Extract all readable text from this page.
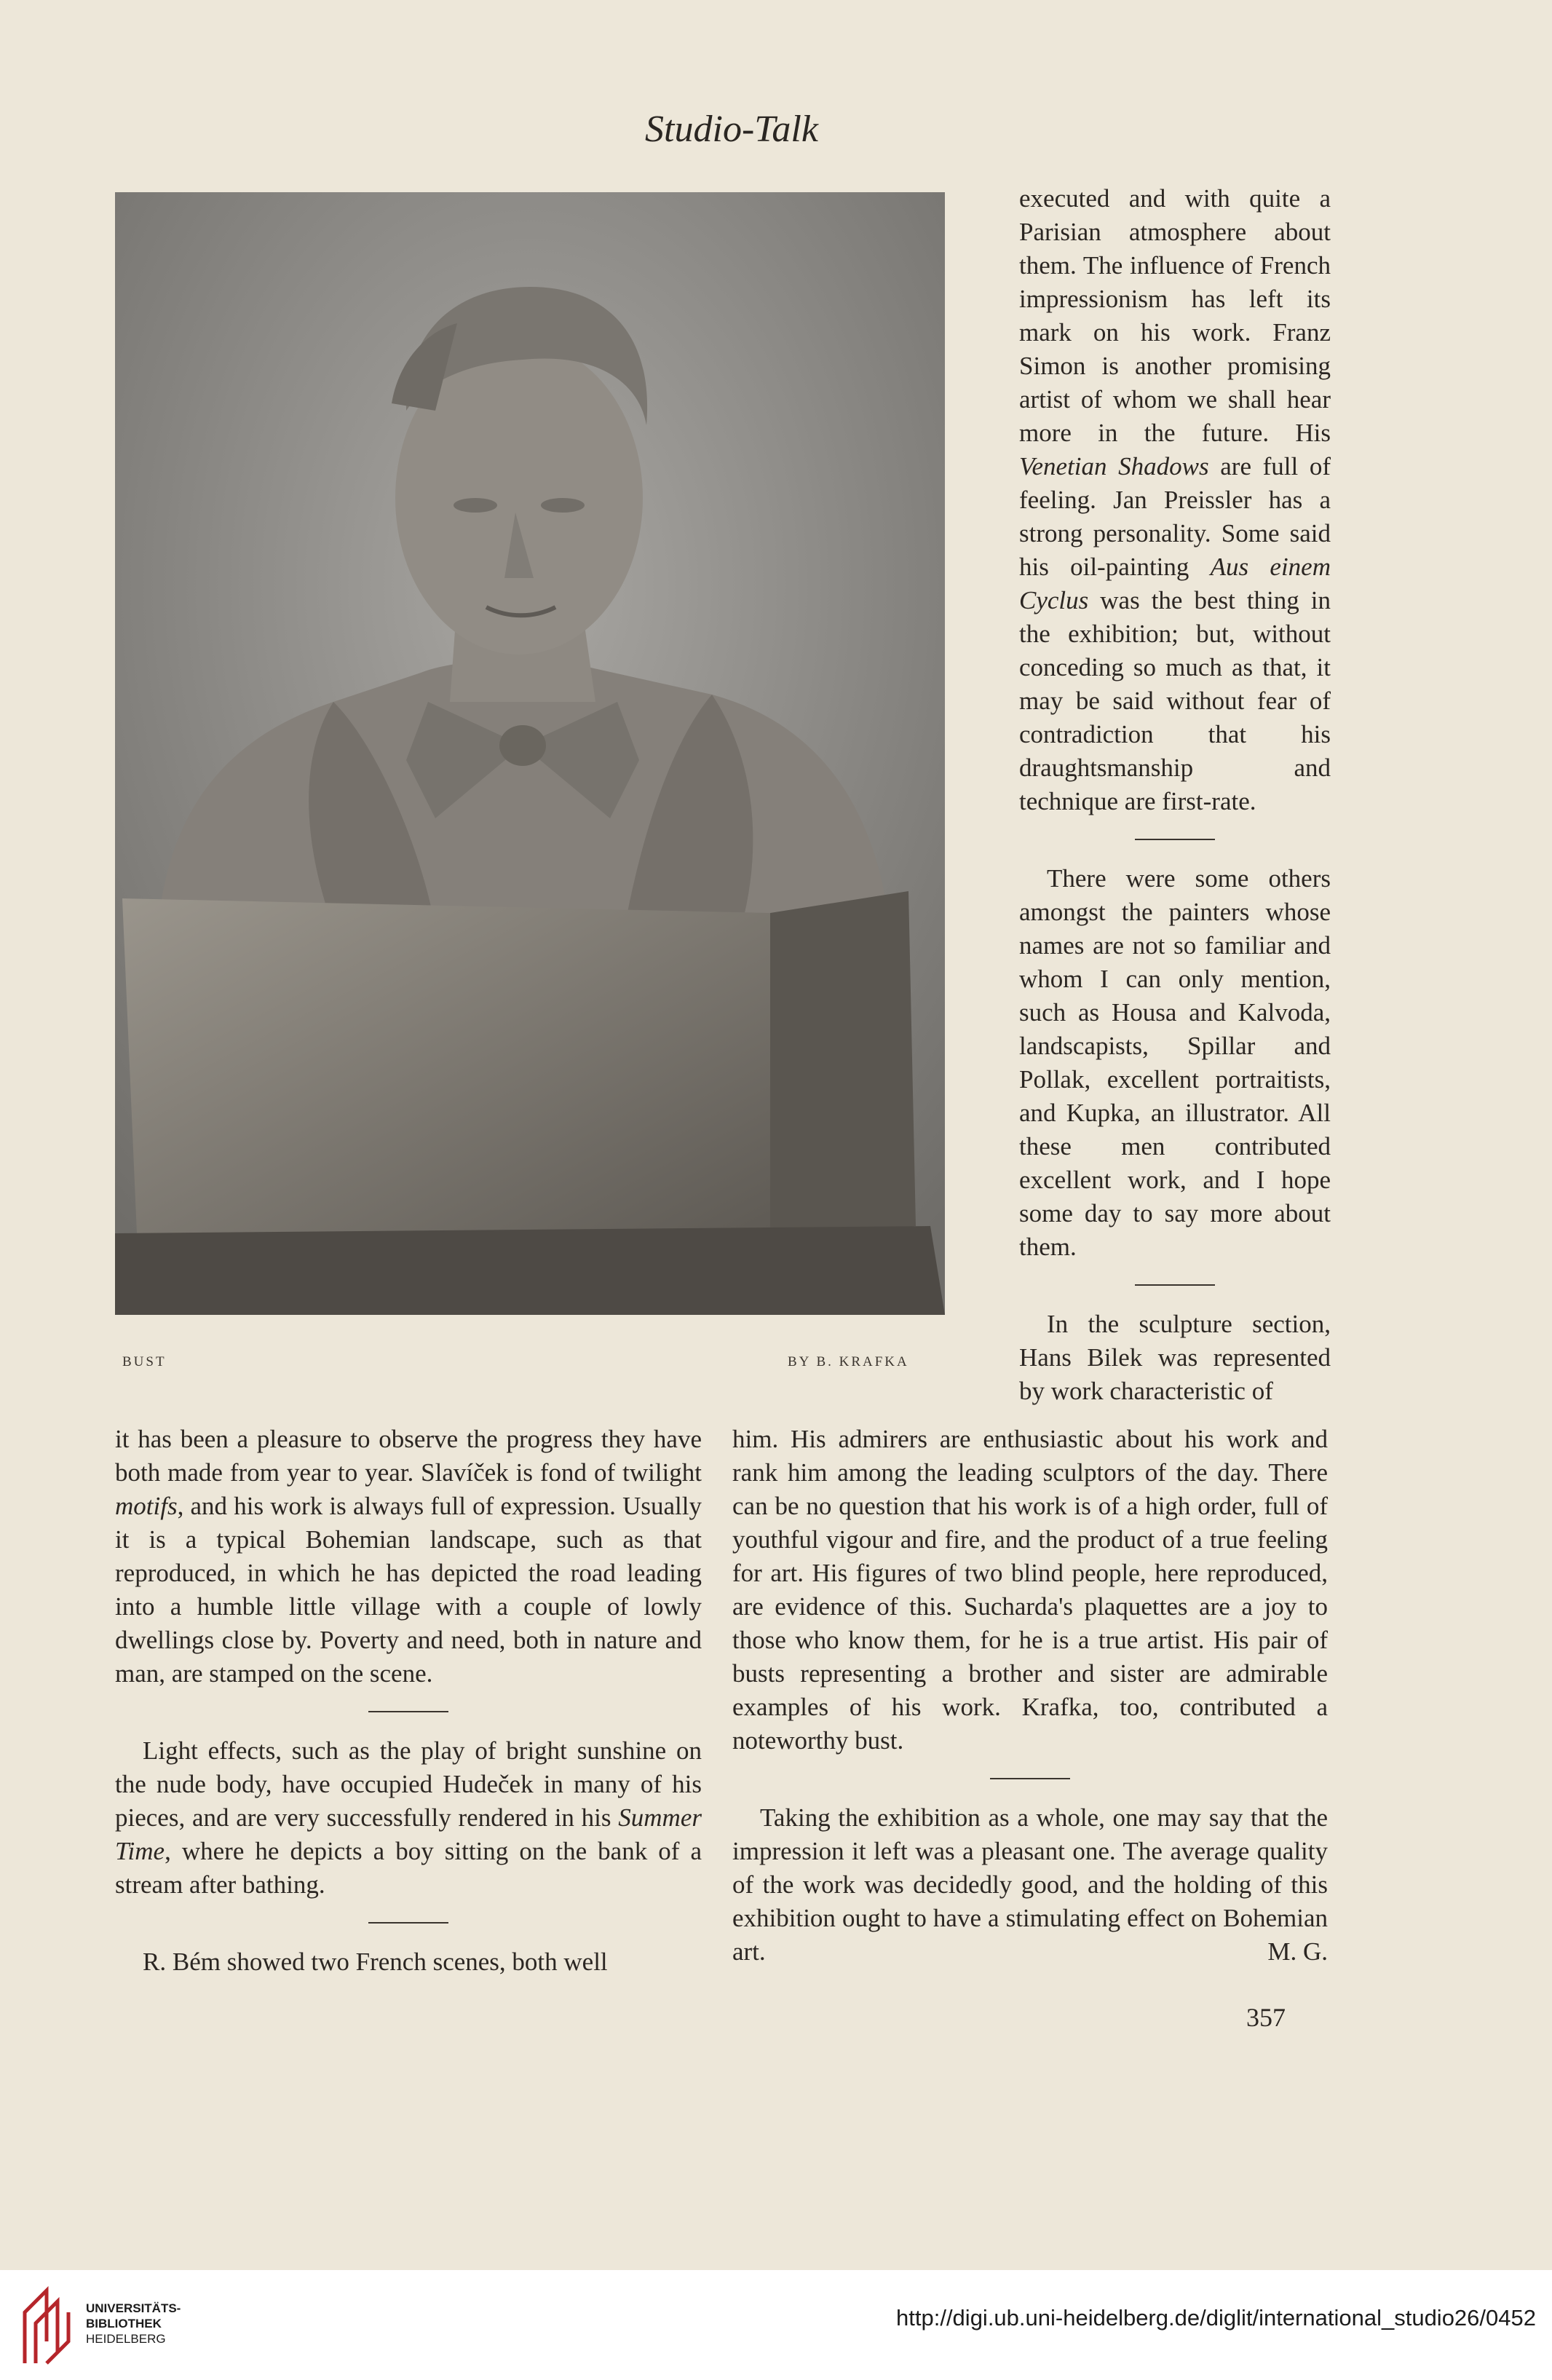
Studio-Talk
BUST	BY B. KRAFKA

executed and with quite a Parisian atmosphere about them. The influence of French impressionism has left its mark on his work. Franz Simon is another promising artist of whom we shall hear more in the future. His Venetian Shadows are full of feeling. Jan Preissler has a strong personality. Some said his oil-painting Aus einem Cyclus was the best thing in the exhibition; but, without conceding so much as that, it may be said without fear of contradiction that his draughtsmanship and technique are first-rate.

There were some others amongst the painters whose names are not so familiar and whom I can only mention, such as Housa and Kalvoda, landscapists, Spillar and Pollak, excellent portraitists, and Kupka, an illustrator. All these men contributed excellent work, and I hope some day to say more about them.

In the sculpture section, Hans Bilek was represented by work characteristic of

it has been a pleasure to observe the progress they have both made from year to year. Slavíček is fond of twilight motifs, and his work is always full of expression. Usually it is a typical Bohemian landscape, such as that reproduced, in which he has depicted the road leading into a humble little village with a couple of lowly dwellings close by. Poverty and need, both in nature and man, are stamped on the scene.

Light effects, such as the play of bright sunshine on the nude body, have occupied Hudeček in many of his pieces, and are very successfully rendered in his Summer Time, where he depicts a boy sitting on the bank of a stream after bathing.

R. Bém showed two French scenes, both well

him. His admirers are enthusiastic about his work and rank him among the leading sculptors of the day. There can be no question that his work is of a high order, full of youthful vigour and fire, and the product of a true feeling for art. His figures of two blind people, here reproduced, are evidence of this. Sucharda's plaquettes are a joy to those who know them, for he is a true artist. His pair of busts representing a brother and sister are admirable examples of his work. Krafka, too, contributed a noteworthy bust.

Taking the exhibition as a whole, one may say that the impression it left was a pleasant one. The average quality of the work was decidedly good, and the holding of this exhibition ought to have a stimulating effect on Bohemian art.	M. G.

357
UNIVERSITÄTS-
BIBLIOTHEK
HEIDELBERG
http://digi.ub.uni-heidelberg.de/diglit/international_studio26/0452
